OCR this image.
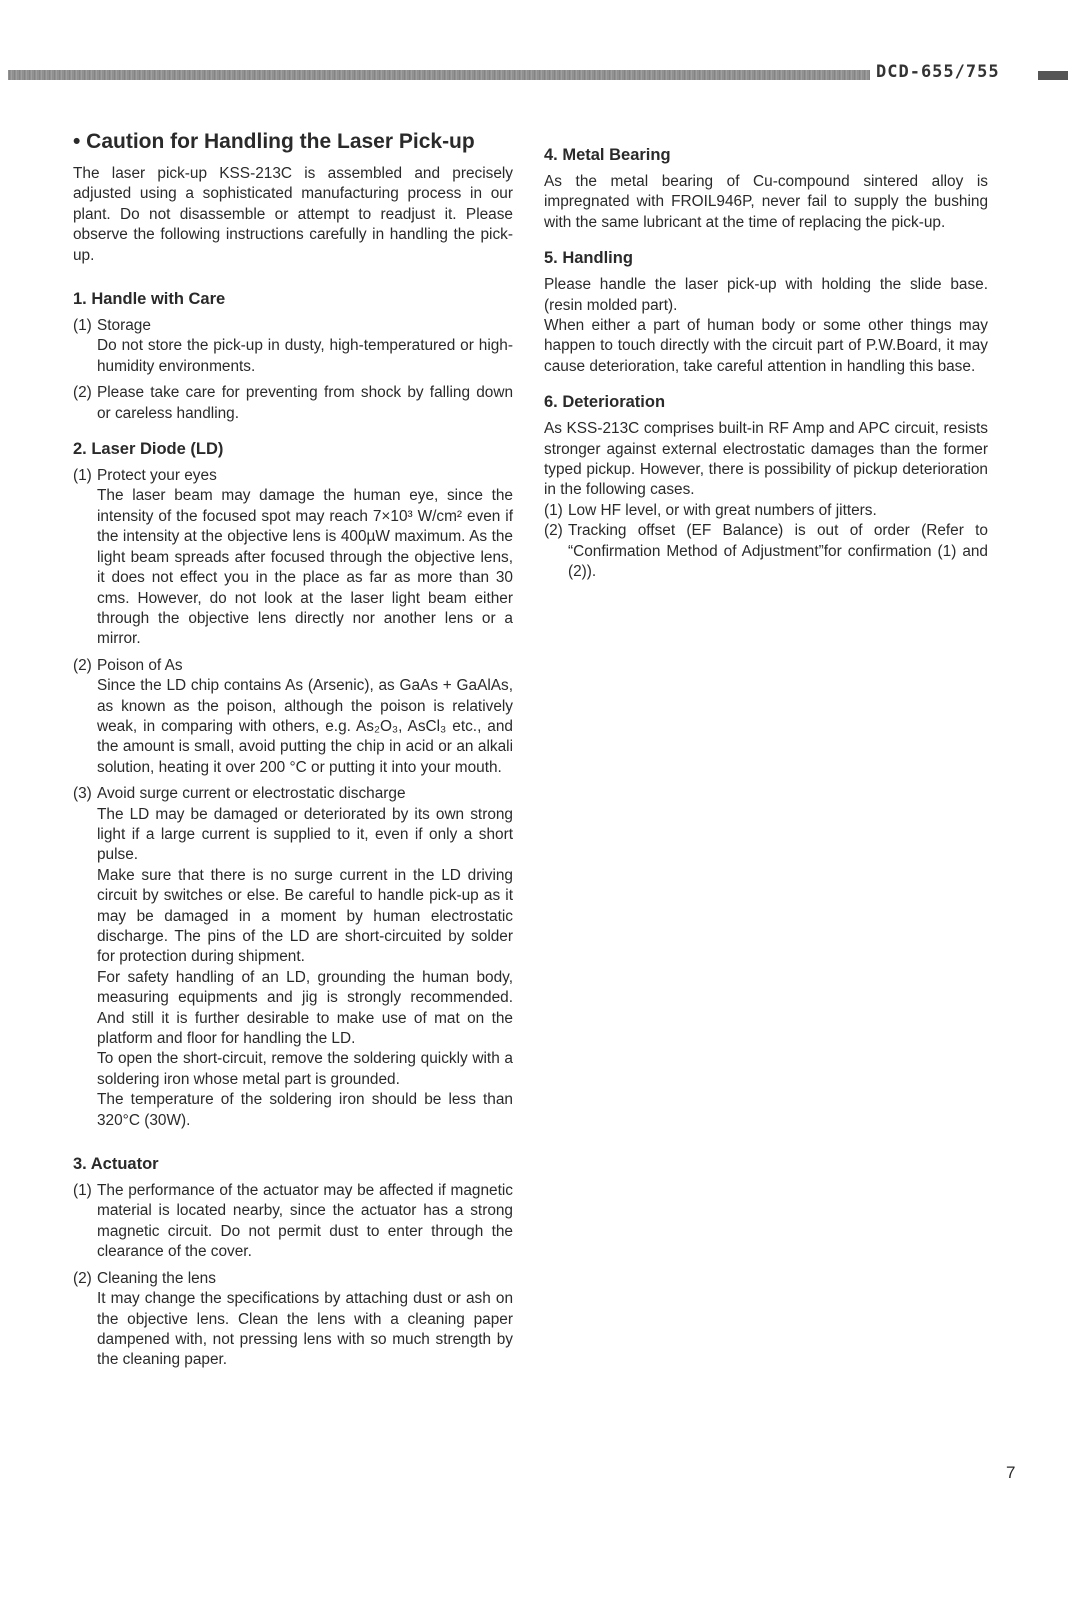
DCD-655/755
• Caution for Handling the Laser Pick-up

The laser pick-up KSS-213C is assembled and precisely adjusted using a sophisticated manufacturing process in our plant. Do not disassemble or attempt to readjust it. Please observe the following instructions carefully in handling the pick-up.

1. Handle with Care
(1) Storage
Do not store the pick-up in dusty, high-temperatured or high-humidity environments.
(2) Please take care for preventing from shock by falling down or careless handling.
2. Laser Diode (LD)
(1) Protect your eyes
The laser beam may damage the human eye, since the intensity of the focused spot may reach 7×10³ W/cm² even if the intensity at the objective lens is 400µW maximum. As the light beam spreads after focused through the objective lens, it does not effect you in the place as far as more than 30 cms. However, do not look at the laser light beam either through the objective lens directly nor another lens or a mirror.
(2) Poison of As
Since the LD chip contains As (Arsenic), as GaAs + GaAlAs, as known as the poison, although the poison is relatively weak, in comparing with others, e.g. As₂O₃, AsCl₃ etc., and the amount is small, avoid putting the chip in acid or an alkali solution, heating it over 200 °C or putting it into your mouth.
(3) Avoid surge current or electrostatic discharge
The LD may be damaged or deteriorated by its own strong light if a large current is supplied to it, even if only a short pulse.
Make sure that there is no surge current in the LD driving circuit by switches or else. Be careful to handle pick-up as it may be damaged in a moment by human electrostatic discharge. The pins of the LD are short-circuited by solder for protection during shipment.
For safety handling of an LD, grounding the human body, measuring equipments and jig is strongly recommended. And still it is further desirable to make use of mat on the platform and floor for handling the LD.
To open the short-circuit, remove the soldering quickly with a soldering iron whose metal part is grounded.
The temperature of the soldering iron should be less than 320°C (30W).
3. Actuator
(1) The performance of the actuator may be affected if magnetic material is located nearby, since the actuator has a strong magnetic circuit. Do not permit dust to enter through the clearance of the cover.
(2) Cleaning the lens
It may change the specifications by attaching dust or ash on the objective lens. Clean the lens with a cleaning paper dampened with, not pressing lens with so much strength by the cleaning paper.
4. Metal Bearing

As the metal bearing of Cu-compound sintered alloy is impregnated with FROIL946P, never fail to supply the bushing with the same lubricant at the time of replacing the pick-up.

5. Handling

Please handle the laser pick-up with holding the slide base. (resin molded part).

When either a part of human body or some other things may happen to touch directly with the circuit part of P.W.Board, it may cause deterioration, take careful attention in handling this base.

6. Deterioration

As KSS-213C comprises built-in RF Amp and APC circuit, resists stronger against external electrostatic damages than the former typed pickup. However, there is possibility of pickup deterioration in the following cases.

(1) Low HF level, or with great numbers of jitters.
(2) Tracking offset (EF Balance) is out of order (Refer to “Confirmation Method of Adjustment”for confirmation (1) and (2)).
7
